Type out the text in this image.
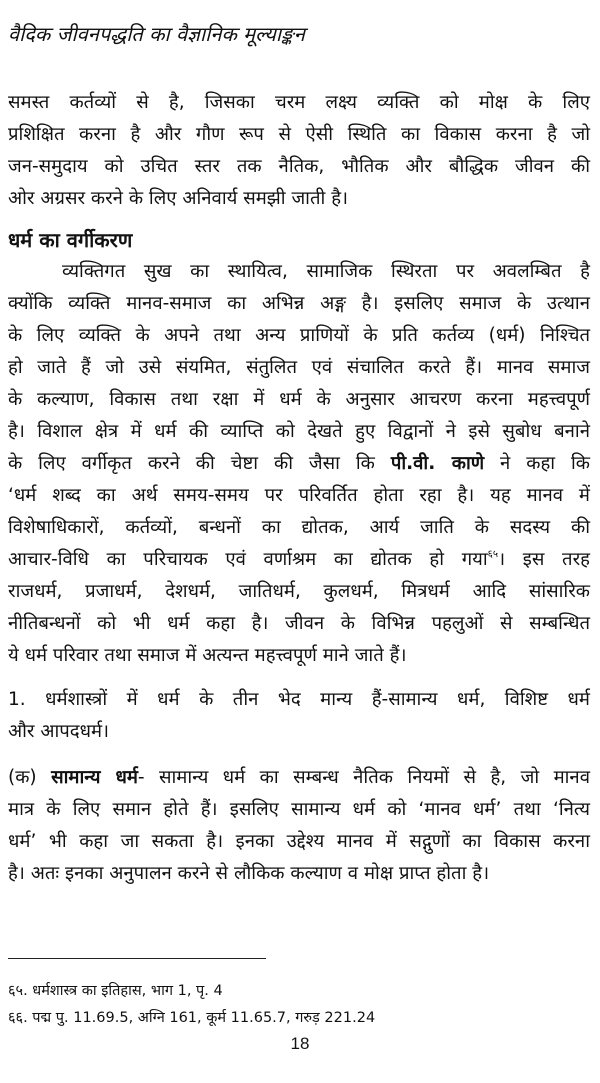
वैदिक जीवनपद्धति का वैज्ञानिक मूल्याङ्कन
समस्त कर्तव्यों से है, जिसका चरम लक्ष्य व्यक्ति को मोक्ष के लिए
प्रशिक्षित करना है और गौण रूप से ऐसी स्थिति का विकास करना है जो
जन-समुदाय को उचित स्तर तक नैतिक, भौतिक और बौद्धिक जीवन की
ओर अग्रसर करने के लिए अनिवार्य समझी जाती है।
धर्म का वर्गीकरण
व्यक्तिगत सुख का स्थायित्व, सामाजिक स्थिरता पर अवलम्बित है
क्योंकि व्यक्ति मानव-समाज का अभिन्न अङ्ग है। इसलिए समाज के उत्थान
के लिए व्यक्ति के अपने तथा अन्य प्राणियों के प्रति कर्तव्य (धर्म) निश्चित
हो जाते हैं जो उसे संयमित, संतुलित एवं संचालित करते हैं। मानव समाज
के कल्याण, विकास तथा रक्षा में धर्म के अनुसार आचरण करना महत्त्वपूर्ण
है। विशाल क्षेत्र में धर्म की व्याप्ति को देखते हुए विद्वानों ने इसे सुबोध बनाने
के लिए वर्गीकृत करने की चेष्टा की जैसा कि पी.वी. काणे ने कहा कि
‘धर्म शब्द का अर्थ समय-समय पर परिवर्तित होता रहा है। यह मानव में
विशेषाधिकारों, कर्तव्यों, बन्धनों का द्योतक, आर्य जाति के सदस्य की
आचार-विधि का परिचायक एवं वर्णाश्रम का द्योतक हो गया$^{६५}$। इस तरह
राजधर्म, प्रजाधर्म, देशधर्म, जातिधर्म, कुलधर्म, मित्रधर्म आदि सांसारिक
नीतिबन्धनों को भी धर्म कहा है। जीवन के विभिन्न पहलुओं से सम्बन्धित
ये धर्म परिवार तथा समाज में अत्यन्त महत्त्वपूर्ण माने जाते हैं।
1. धर्मशास्त्रों में धर्म के तीन भेद मान्य हैं-सामान्य धर्म, विशिष्ट धर्म
और आपदधर्म।
(क) सामान्य धर्म- सामान्य धर्म का सम्बन्ध नैतिक नियमों से है, जो मानव
मात्र के लिए समान होते हैं। इसलिए सामान्य धर्म को ‘मानव धर्म’ तथा ‘नित्य
धर्म’ भी कहा जा सकता है। इनका उद्देश्य मानव में सद्गुणों का विकास करना
है। अतः इनका अनुपालन करने से लौकिक कल्याण व मोक्ष प्राप्त होता है।
६५. धर्मशास्त्र का इतिहास, भाग 1, पृ. 4
६६. पद्म पु. 11.69.5, अग्नि 161, कूर्म 11.65.7, गरुड़ 221.24
18
